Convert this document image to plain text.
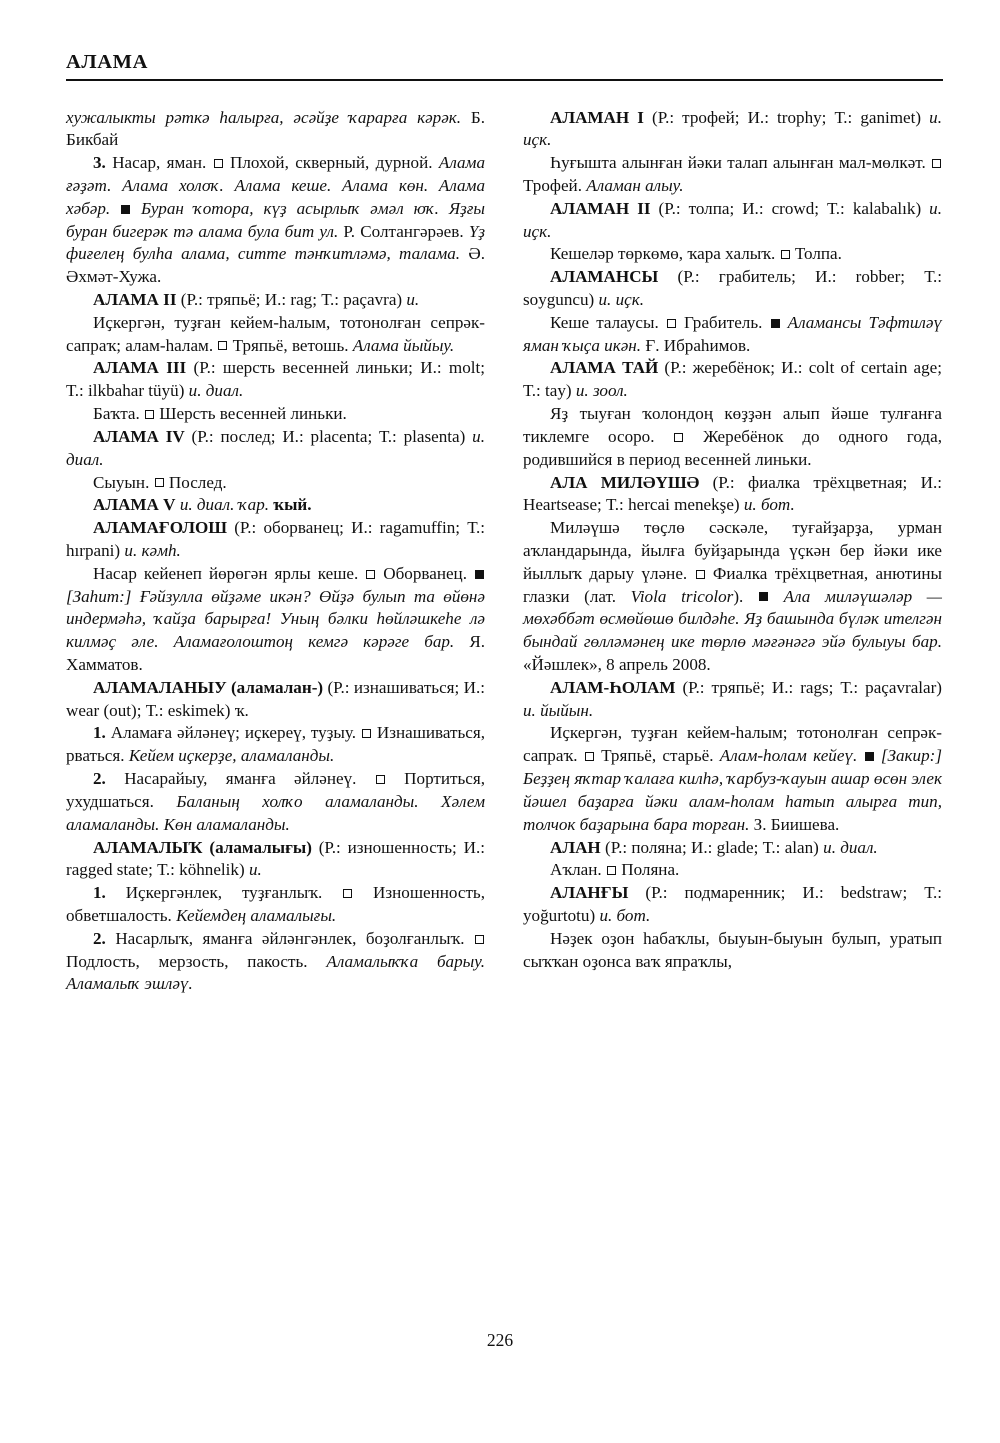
АЛАМА

хужалыкты рәткә һалырға, әсәйҙе ҡарарға кәрәк. Б. Бикбай

3. Насар, яман.  Плохой, скверный, дурной. Алама ғәҙәт. Алама холоҡ. Алама кеше. Алама көн. Алама хәбәр. Буран ҡотора, күҙ асырлыҡ әмәл юҡ. Яҙғы буран бигерәк тә алама була бит ул. Р. Солтангәрәев. Үҙ фиғелең булһа алама, ситте тәнҡитләмә, талама. Ә. Әхмәт-Хужа.

АЛАМА II (Р.: тряпьё; И.: rag; Т.: paçavra) и.

Иҫкергән, туҙған кейем-һалым, тотонолған сепрәк-сапраҡ; алам-һалам.  Тряпьё, ветошь. Алама йыйыу.

АЛАМА III (Р.: шерсть весенней линьки; И.: molt; Т.: ilkbahar tüyü) и. диал.

Баҡта.  Шерсть весенней линьки.

АЛАМА IV (Р.: послед; И.: placenta; Т.: plasenta) и. диал.

Сыуын.  Послед.

АЛАМА V и. диал. ҡар. ҡый.

АЛАМАҒОЛОШ (Р.: оборванец; И.: ragamuffin; Т.: hırpani) и. кәмһ.

Насар кейенеп йөрөгән ярлы кеше.  Оборванец.  [Заһит:] Ғәйзулла өйҙәме икән? Өйҙә булып та өйөнә индермәһә, ҡайҙа барырға! Уның бәлки һөйләшкеһе лә килмәҫ әле. Аламағолоштоң кемгә кәрәге бар. Я. Хамматов.

АЛАМАЛАНЫУ (аламалан-) (Р.: изнашиваться; И.: wear (out); Т.: eskimek) ҡ.

1. Аламаға әйләнеү; иҫкереү, туҙыу.  Изнашиваться, рваться. Кейем иҫкерҙе, аламаланды.

2. Насарайыу, яманға әйләнеү.  Портиться, ухудшаться. Баланың холҡо аламаланды. Хәлем аламаланды. Көн аламаланды.

АЛАМАЛЫҠ (аламалығы) (Р.: изношенность; И.: ragged state; Т.: köhnelik) и.

1. Иҫкергәнлек, туҙғанлыҡ.  Изношенность, обветшалость. Кейемдең аламалығы.

2. Насарлыҡ, яманға әйләнгәнлек, боҙолғанлыҡ.  Подлость, мерзость, пакость. Аламалыҡҡа барыу. Аламалыҡ эшләү.

АЛАМАН I (Р.: трофей; И.: trophy; Т.: ganimet) и. иҫк.

Һуғышта алынған йәки талап алынған мал-мөлкәт.  Трофей. Аламан алыу.

АЛАМАН II (Р.: толпа; И.: crowd; Т.: kalabalık) и. иҫк.

Кешеләр төркөмө, ҡара халыҡ.  Толпа.

АЛАМАНСЫ (Р.: грабитель; И.: robber; Т.: soyguncu) и. иҫк.

Кеше талаусы.  Грабитель.  Аламансы Тәфтиләү яман ҡыҫа икән. Ғ. Ибраһимов.

АЛАМА ТАЙ (Р.: жеребёнок; И.: colt of certain age; Т.: tay) и. зоол.

Яҙ тыуған ҡолондоң көҙҙән алып йәше тулғанға тиклемге осоро.  Жеребёнок до одного года, родившийся в период весенней линьки.

АЛА МИЛӘҮШӘ (Р.: фиалка трёхцветная; И.: Heartsease; Т.: hercai menekşe) и. бот.

Миләүшә төҫлө сәскәле, туғайҙарҙа, урман аҡландарында, йылға буйҙарында үҫкән бер йәки ике йыллыҡ дарыу үләне.  Фиалка трёхцветная, анютины глазки (лат. Viola tricolor).  Ала миләүшәләр — мөхәббәт өсмөйөшө билдәһе. Яҙ башында бүләк ителгән бындай гөлләмәнең ике төрлө мәғәнәгә эйә булыуы бар. «Йәшлек», 8 апрель 2008.

АЛАМ-ҺОЛАМ (Р.: тряпьё; И.: rags; Т.: paçavralar) и. йыйын.

Иҫкергән, туҙған кейем-һалым; тотонолған сепрәк-сапраҡ.  Тряпьё, старьё. Алам-һолам кейеү. [Закир:] Беҙҙең яҡтар ҡалаға килһә, ҡарбуз-ҡауын ашар өсөн элек йәшел баҙарға йәки алам-һолам һатып алырға тип, толчок баҙарына бара торған. З. Биишева.

АЛАН (Р.: поляна; И.: glade; Т.: alan) и. диал.

Аҡлан.  Поляна.

АЛАНҒЫ (Р.: подмаренник; И.: bedstraw; Т.: yoğurtotu) и. бот.

Нәҙек оҙон һабаҡлы, быуын-быуын булып, уратып сыҡҡан оҙонса ваҡ япраҡлы,

226
